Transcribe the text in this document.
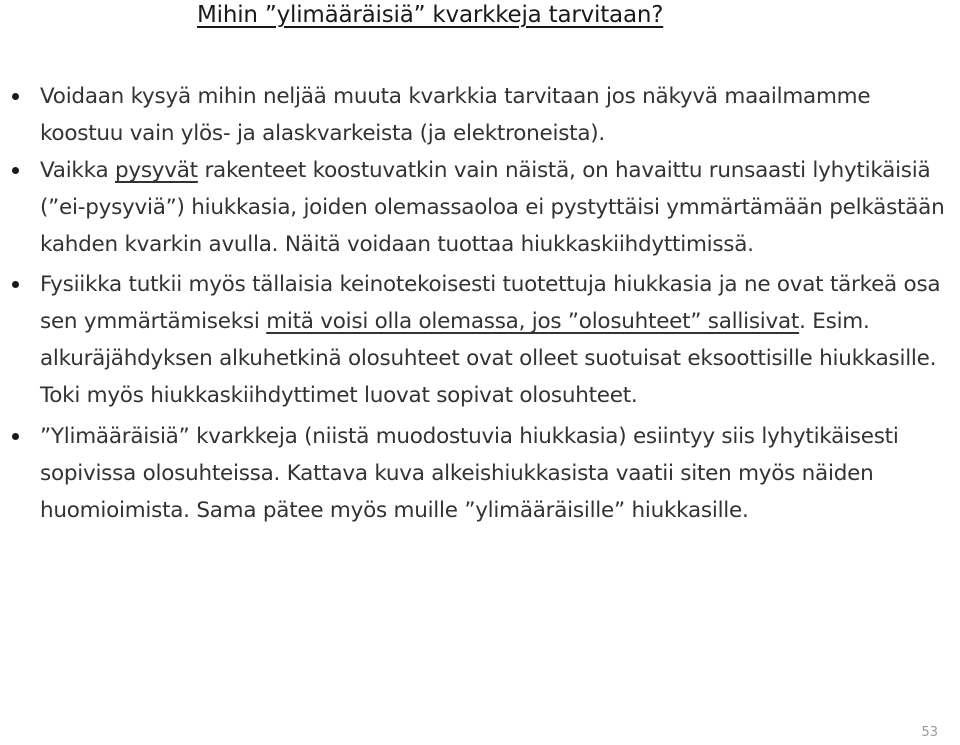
Mihin ”ylimääräisiä” kvarkkeja tarvitaan?
Voidaan kysyä mihin neljää muuta kvarkkia tarvitaan jos näkyvä maailmamme koostuu vain ylös- ja alaskvarkeista (ja elektroneista).
Vaikka pysyvät rakenteet koostuvatkin vain näistä, on havaittu runsaasti lyhytikäisiä (”ei-pysyviä”) hiukkasia, joiden olemassaoloa ei pystyttäisi ymmärtämään pelkästään kahden kvarkin avulla. Näitä voidaan tuottaa hiukkaskiihdyttimissä.
Fysiikka tutkii myös tällaisia keinotekoisesti tuotettuja hiukkasia ja ne ovat tärkeä osa sen ymmärtämiseksi mitä voisi olla olemassa, jos ”olosuhteet” sallisivat. Esim. alkuräjähdyksen alkuhetkinä olosuhteet ovat olleet suotuisat eksoottisille hiukkasille. Toki myös hiukkaskiihdyttimet luovat sopivat olosuhteet.
”Ylimääräisiä” kvarkkeja (niistä muodostuvia hiukkasia) esiintyy siis lyhytikäisesti sopivissa olosuhteissa. Kattava kuva alkeishiukkasista vaatii siten myös näiden huomioimista. Sama pätee myös muille ”ylimääräisille” hiukkasille.
53
